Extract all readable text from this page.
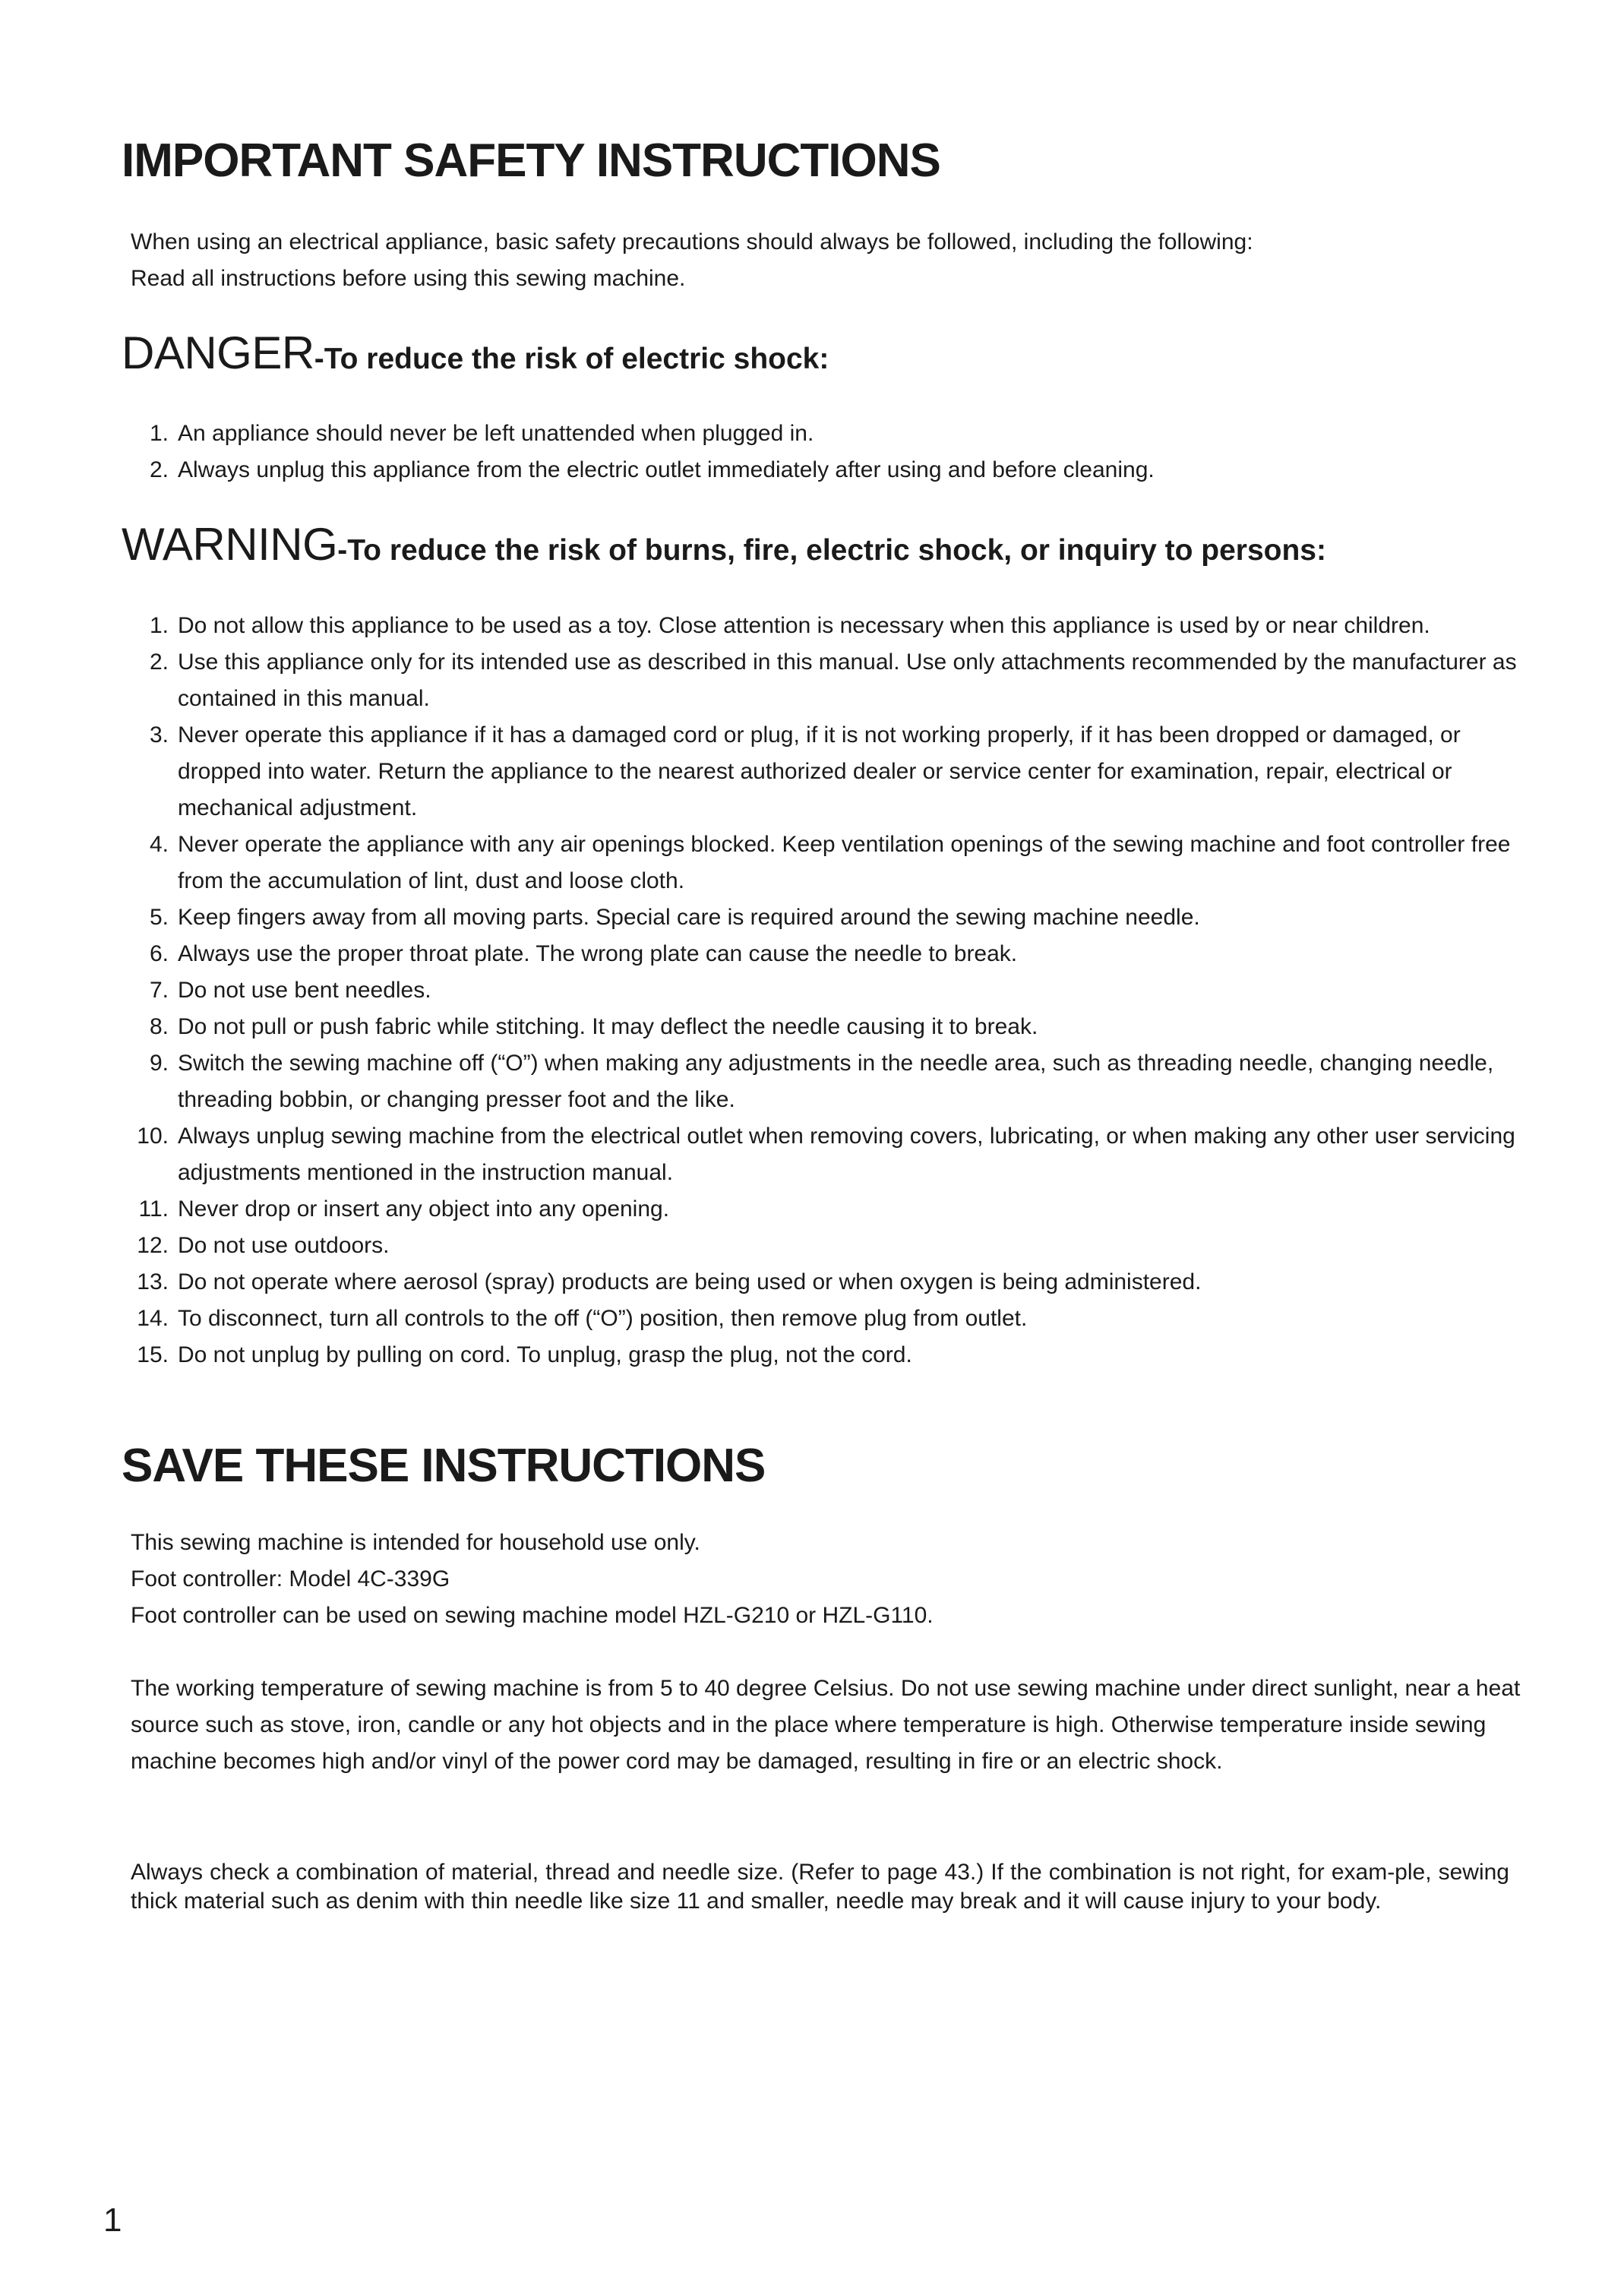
IMPORTANT SAFETY INSTRUCTIONS

When using an electrical appliance, basic safety precautions should always be followed, including the following:

Read all instructions before using this sewing machine.

DANGER-To reduce the risk of electric shock:
1. An appliance should never be left unattended when plugged in.
2. Always unplug this appliance from the electric outlet immediately after using and before cleaning.
WARNING-To reduce the risk of burns, fire, electric shock, or inquiry to persons:
1. Do not allow this appliance to be used as a toy. Close attention is necessary when this appliance is used by or near children.
2. Use this appliance only for its intended use as described in this manual. Use only attachments recommended by the manufacturer as contained in this manual.
3. Never operate this appliance if it has a damaged cord or plug, if it is not working properly, if it has been dropped or damaged, or dropped into water. Return the appliance to the nearest authorized dealer or service center for examination, repair, electrical or mechanical adjustment.
4. Never operate the appliance with any air openings blocked. Keep ventilation openings of the sewing machine and foot controller free from the accumulation of lint, dust and loose cloth.
5. Keep fingers away from all moving parts. Special care is required around the sewing machine needle.
6. Always use the proper throat plate. The wrong plate can cause the needle to break.
7. Do not use bent needles.
8. Do not pull or push fabric while stitching. It may deflect the needle causing it to break.
9. Switch the sewing machine off (“O”) when making any adjustments in the needle area, such as threading needle, changing needle, threading bobbin, or changing presser foot and the like.
10. Always unplug sewing machine from the electrical outlet when removing covers, lubricating, or when making any other user servicing adjustments mentioned in the instruction manual.
11. Never drop or insert any object into any opening.
12. Do not use outdoors.
13. Do not operate where aerosol (spray) products are being used or when oxygen is being administered.
14. To disconnect, turn all controls to the off (“O”) position, then remove plug from outlet.
15. Do not unplug by pulling on cord. To unplug, grasp the plug, not the cord.
SAVE THESE INSTRUCTIONS

This sewing machine is intended for household use only.

Foot controller: Model 4C-339G

Foot controller can be used on sewing machine model HZL-G210 or HZL-G110.

The working temperature of sewing machine is from 5 to 40 degree Celsius. Do not use sewing machine under direct sunlight, near a heat source such as stove, iron, candle or any hot objects and in the place where temperature is high. Otherwise temperature inside sewing machine becomes high and/or vinyl of the power cord may be damaged, resulting in fire or an electric shock.

Always check a combination of material, thread and needle size. (Refer to page 43.) If the combination is not right, for exam-ple, sewing thick material such as denim with thin needle like size 11 and smaller, needle may break and it will cause injury to your body.

1
